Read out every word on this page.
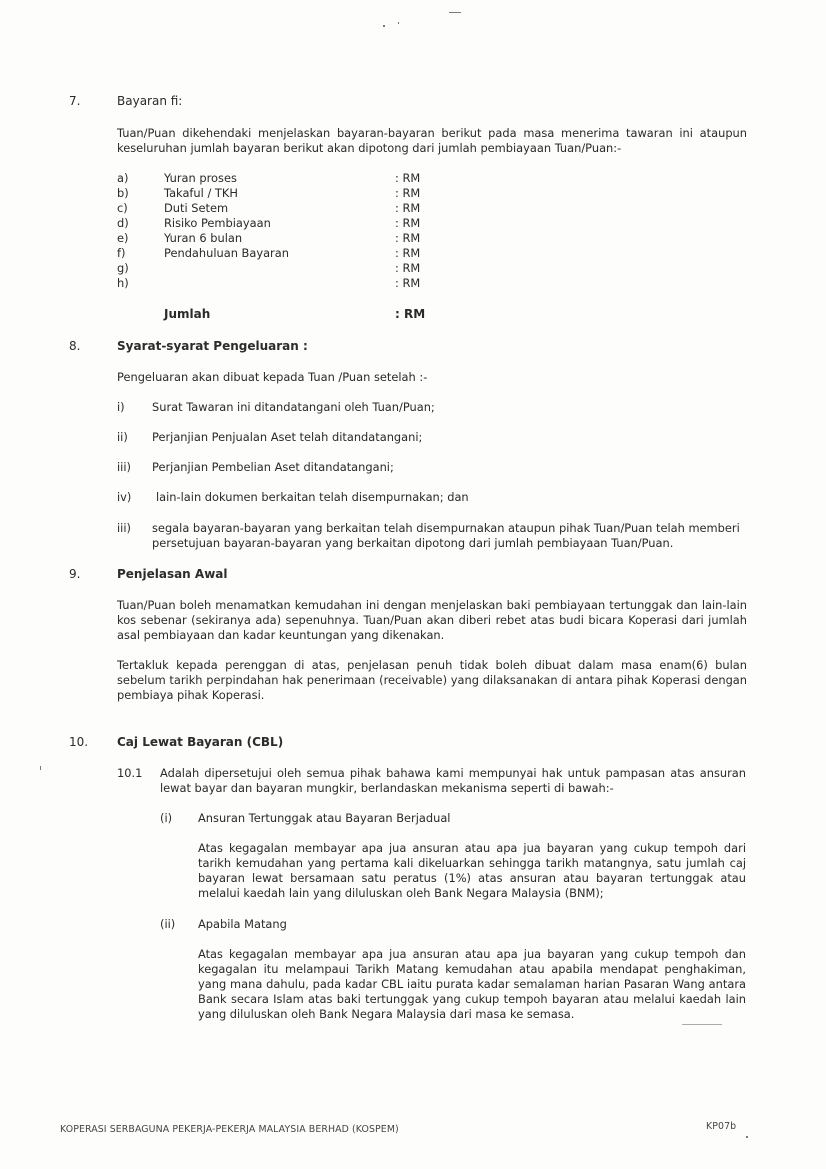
7.	Bayaran fi:
Tuan/Puan dikehendaki menjelaskan bayaran-bayaran berikut pada masa menerima tawaran ini ataupun keseluruhan jumlah bayaran berikut akan dipotong dari jumlah pembiayaan Tuan/Puan:-
a)	Yuran proses	: RM
b)	Takaful / TKH	: RM
c)	Duti Setem	: RM
d)	Risiko Pembiayaan	: RM
e)	Yuran 6 bulan	: RM
f)	Pendahuluan Bayaran	: RM
g)	: RM
h)	: RM
Jumlah	: RM
8.	Syarat-syarat Pengeluaran :
Pengeluaran akan dibuat kepada Tuan /Puan setelah :-
i) Surat Tawaran ini ditandatangani oleh Tuan/Puan;
ii) Perjanjian Penjualan Aset telah ditandatangani;
iii) Perjanjian Pembelian Aset ditandatangani;
iv) lain-lain dokumen berkaitan telah disempurnakan; dan
iii) segala bayaran-bayaran yang berkaitan telah disempurnakan ataupun pihak Tuan/Puan telah memberi persetujuan bayaran-bayaran yang berkaitan dipotong dari jumlah pembiayaan Tuan/Puan.
9.	Penjelasan Awal
Tuan/Puan boleh menamatkan kemudahan ini dengan menjelaskan baki pembiayaan tertunggak dan lain-lain kos sebenar (sekiranya ada) sepenuhnya. Tuan/Puan akan diberi rebet atas budi bicara Koperasi dari jumlah asal pembiayaan dan kadar keuntungan yang dikenakan.
Tertakluk kepada perenggan di atas, penjelasan penuh tidak boleh dibuat dalam masa enam(6) bulan sebelum tarikh perpindahan hak penerimaan (receivable) yang dilaksanakan di antara pihak Koperasi dengan pembiaya pihak Koperasi.
10. Caj Lewat Bayaran (CBL)
10.1 Adalah dipersetujui oleh semua pihak bahawa kami mempunyai hak untuk pampasan atas ansuran lewat bayar dan bayaran mungkir, berlandaskan mekanisma seperti di bawah:-
(i) Ansuran Tertunggak atau Bayaran Berjadual
Atas kegagalan membayar apa jua ansuran atau apa jua bayaran yang cukup tempoh dari tarikh kemudahan yang pertama kali dikeluarkan sehingga tarikh matangnya, satu jumlah caj bayaran lewat bersamaan satu peratus (1%) atas ansuran atau bayaran tertunggak atau melalui kaedah lain yang diluluskan oleh Bank Negara Malaysia (BNM);
(ii) Apabila Matang
Atas kegagalan membayar apa jua ansuran atau apa jua bayaran yang cukup tempoh dan kegagalan itu melampaui Tarikh Matang kemudahan atau apabila mendapat penghakiman, yang mana dahulu, pada kadar CBL iaitu purata kadar semalaman harian Pasaran Wang antara Bank secara Islam atas baki tertunggak yang cukup tempoh bayaran atau melalui kaedah lain yang diluluskan oleh Bank Negara Malaysia dari masa ke semasa.
KOPERASI SERBAGUNA PEKERJA-PEKERJA MALAYSIA BERHAD (KOSPEM)	KP07b
